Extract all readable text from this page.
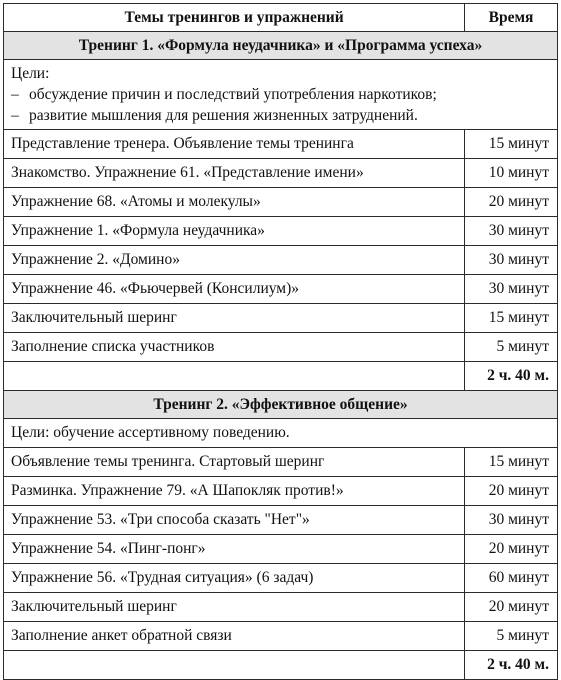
Темы тренингов и упражнений	Время
Тренинг 1. «Формула неудачника» и «Программа успеха»	

Цели:
– обсуждение причин и последствий употребления наркотиков;
– развитие мышления для решения жизненных затруднений.	

Представление тренера. Объявление темы тренинга	15 минут
Знакомство. Упражнение 61. «Представление имени»	10 минут
Упражнение 68. «Атомы и молекулы»	20 минут
Упражнение 1. «Формула неудачника»	30 минут
Упражнение 2. «Домино»	30 минут
Упражнение 46. «Фьючервей (Консилиум)»	30 минут
Заключительный шеринг	15 минут
Заполнение списка участников	5 минут
	2 ч. 40 м.
Тренинг 2. «Эффективное общение»	
Цели: обучение ассертивному поведению.	
Объявление темы тренинга. Стартовый шеринг	15 минут
Разминка. Упражнение 79. «А Шапокляк против!»	20 минут
Упражнение 53. «Три способа сказать "Нет"»	30 минут
Упражнение 54. «Пинг-понг»	20 минут
Упражнение 56. «Трудная ситуация» (6 задач)	60 минут
Заключительный шеринг	20 минут
Заполнение анкет обратной связи	5 минут
	2 ч. 40 м.
